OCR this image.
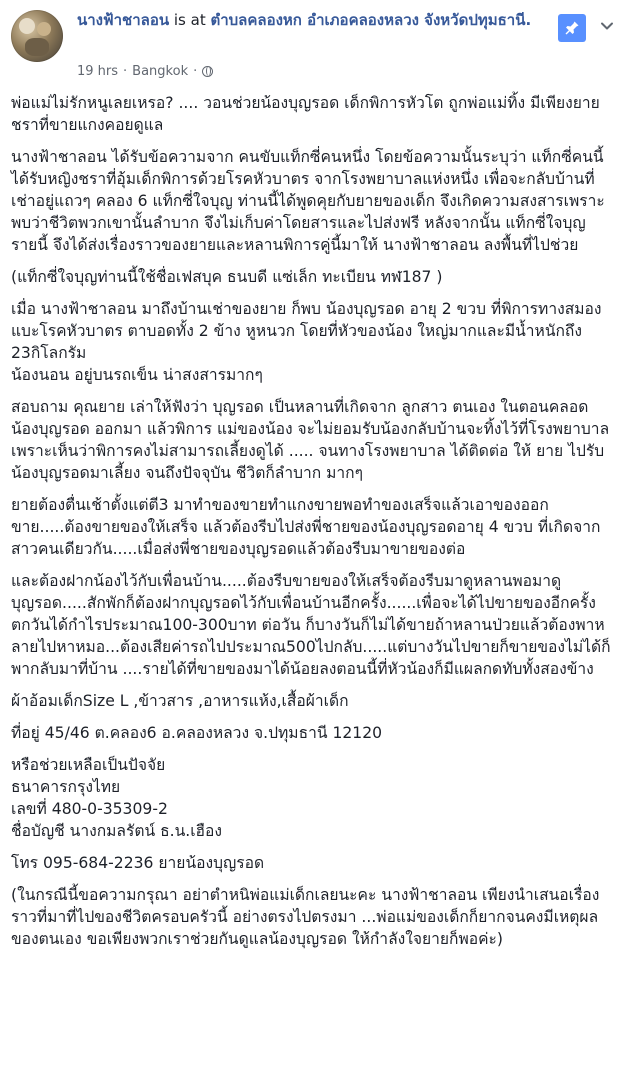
นางฟ้าชาลอน is at ตำบลคลองหก อำเภอคลองหลวง จังหวัดปทุมธานี.
19 hrs · Bangkok ·

พ่อแม่ไม่รักหนูเลยเหรอ? .... วอนช่วยน้องบุญรอด เด็กพิการหัวโต ถูกพ่อแม่ทิ้ง มีเพียงยายชราที่ขายแกงคอยดูแล

นางฟ้าชาลอน ได้รับข้อความจาก คนขับแท็กซี่คนหนึ่ง โดยข้อความนั้นระบุว่า แท็กซี่คนนี้ได้รับหญิงชราที่อุ้มเด็กพิการด้วยโรคหัวบาตร จากโรงพยาบาลแห่งหนึ่ง เพื่อจะกลับบ้านที่เช่าอยู่แถวๆ คลอง 6 แท็กซี่ใจบุญ ท่านนี้ได้พูดคุยกับยายของเด็ก จึงเกิดความสงสารเพราะพบว่าชีวิตพวกเขานั้นลำบาก จึงไม่เก็บค่าโดยสารและไปส่งฟรี หลังจากนั้น แท็กซี่ใจบุญรายนี้ จึงได้ส่งเรื่องราวของยายและหลานพิการคู่นี้มาให้ นางฟ้าชาลอน ลงพื้นที่ไปช่วย

(แท็กซี่ใจบุญท่านนี้ใช้ชื่อเฟสบุค ธนบดี แซ่เล็ก ทะเบียน ทฬ187 )

เมื่อ นางฟ้าชาลอน มาถึงบ้านเช่าของยาย ก็พบ น้องบุญรอด อายุ 2 ขวบ ที่พิการทางสมองแบะโรคหัวบาตร ตาบอดทั้ง 2 ข้าง หูหนวก โดยที่หัวของน้อง ใหญ่มากและมีน้ำหนักถึง 23กิโลกรัม
น้องนอน อยู่บนรถเข็น น่าสงสารมากๆ

สอบถาม คุณยาย เล่าให้ฟังว่า บุญรอด เป็นหลานที่เกิดจาก ลูกสาว ตนเอง ในตอนคลอดน้องบุญรอด ออกมา แล้วพิการ แม่ของน้อง จะไม่ยอมรับน้องกลับบ้านจะทิ้งไว้ที่โรงพยาบาล เพราะเห็นว่าพิการคงไม่สามารถเลี้ยงดูได้ ..... จนทางโรงพยาบาล ได้ติดต่อ ให้ ยาย ไปรับ น้องบุญรอดมาเลี้ยง จนถึงปัจจุบัน ชีวิตก็ลำบาก มากๆ

ยายต้องตื่นเช้าตั้งแต่ตี3 มาทำของขายทำแกงขายพอทำของเสร็จแล้วเอาของออกขาย.....ต้องขายของให้เสร็จ แล้วต้องรีบไปส่งพี่ชายของน้องบุญรอดอายุ 4 ขวบ ที่เกิดจากสาวคนเดียวกัน.....เมื่อส่งพี่ชายของบุญรอดแล้วต้องรีบมาขายของต่อ

และต้องฝากน้องไว้กับเพื่อนบ้าน.....ต้องรีบขายของให้เสร็จต้องรีบมาดูหลานพอมาดูบุญรอด.....สักพักก็ต้องฝากบุญรอดไว้กับเพื่อนบ้านอีกครั้ง......เพื่อจะได้ไปขายของอีกครั้งตกวันได้กำไรประมาณ100-300บาท ต่อวัน ก็บางวันก็ไม่ได้ขายถ้าหลานป่วยแล้วต้องพาหลายไปหาหมอ...ต้องเสียค่ารถไปประมาณ500ไปกลับ.....แต่บางวันไปขายก็ขายของไม่ได้ก็พากลับมาที่บ้าน ....รายได้ที่ขายของมาได้น้อยลงตอนนี้ที่หัวน้องก็มีแผลกดทับทั้งสองข้าง

ผ้าอ้อมเด็กSize L ,ข้าวสาร ,อาหารแห้ง,เสื้อผ้าเด็ก

ที่อยู่ 45/46 ต.คลอง6 อ.คลองหลวง จ.ปทุมธานี 12120

หรือช่วยเหลือเป็นปัจจัย
ธนาคารกรุงไทย
เลขที่ 480-0-35309-2
ชื่อบัญชี นางกมลรัตน์ ธ.น.เฮือง

โทร 095-684-2236 ยายน้องบุญรอด

(ในกรณีนี้ขอความกรุณา อย่าตำหนิพ่อแม่เด็กเลยนะคะ นางฟ้าชาลอน เพียงนำเสนอเรื่องราวที่มาที่ไปของชีวิตครอบครัวนี้ อย่างตรงไปตรงมา ...พ่อแม่ของเด็กก็ยากจนคงมีเหตุผลของตนเอง ขอเพียงพวกเราช่วยกันดูแลน้องบุญรอด ให้กำลังใจยายก็พอค่ะ)
